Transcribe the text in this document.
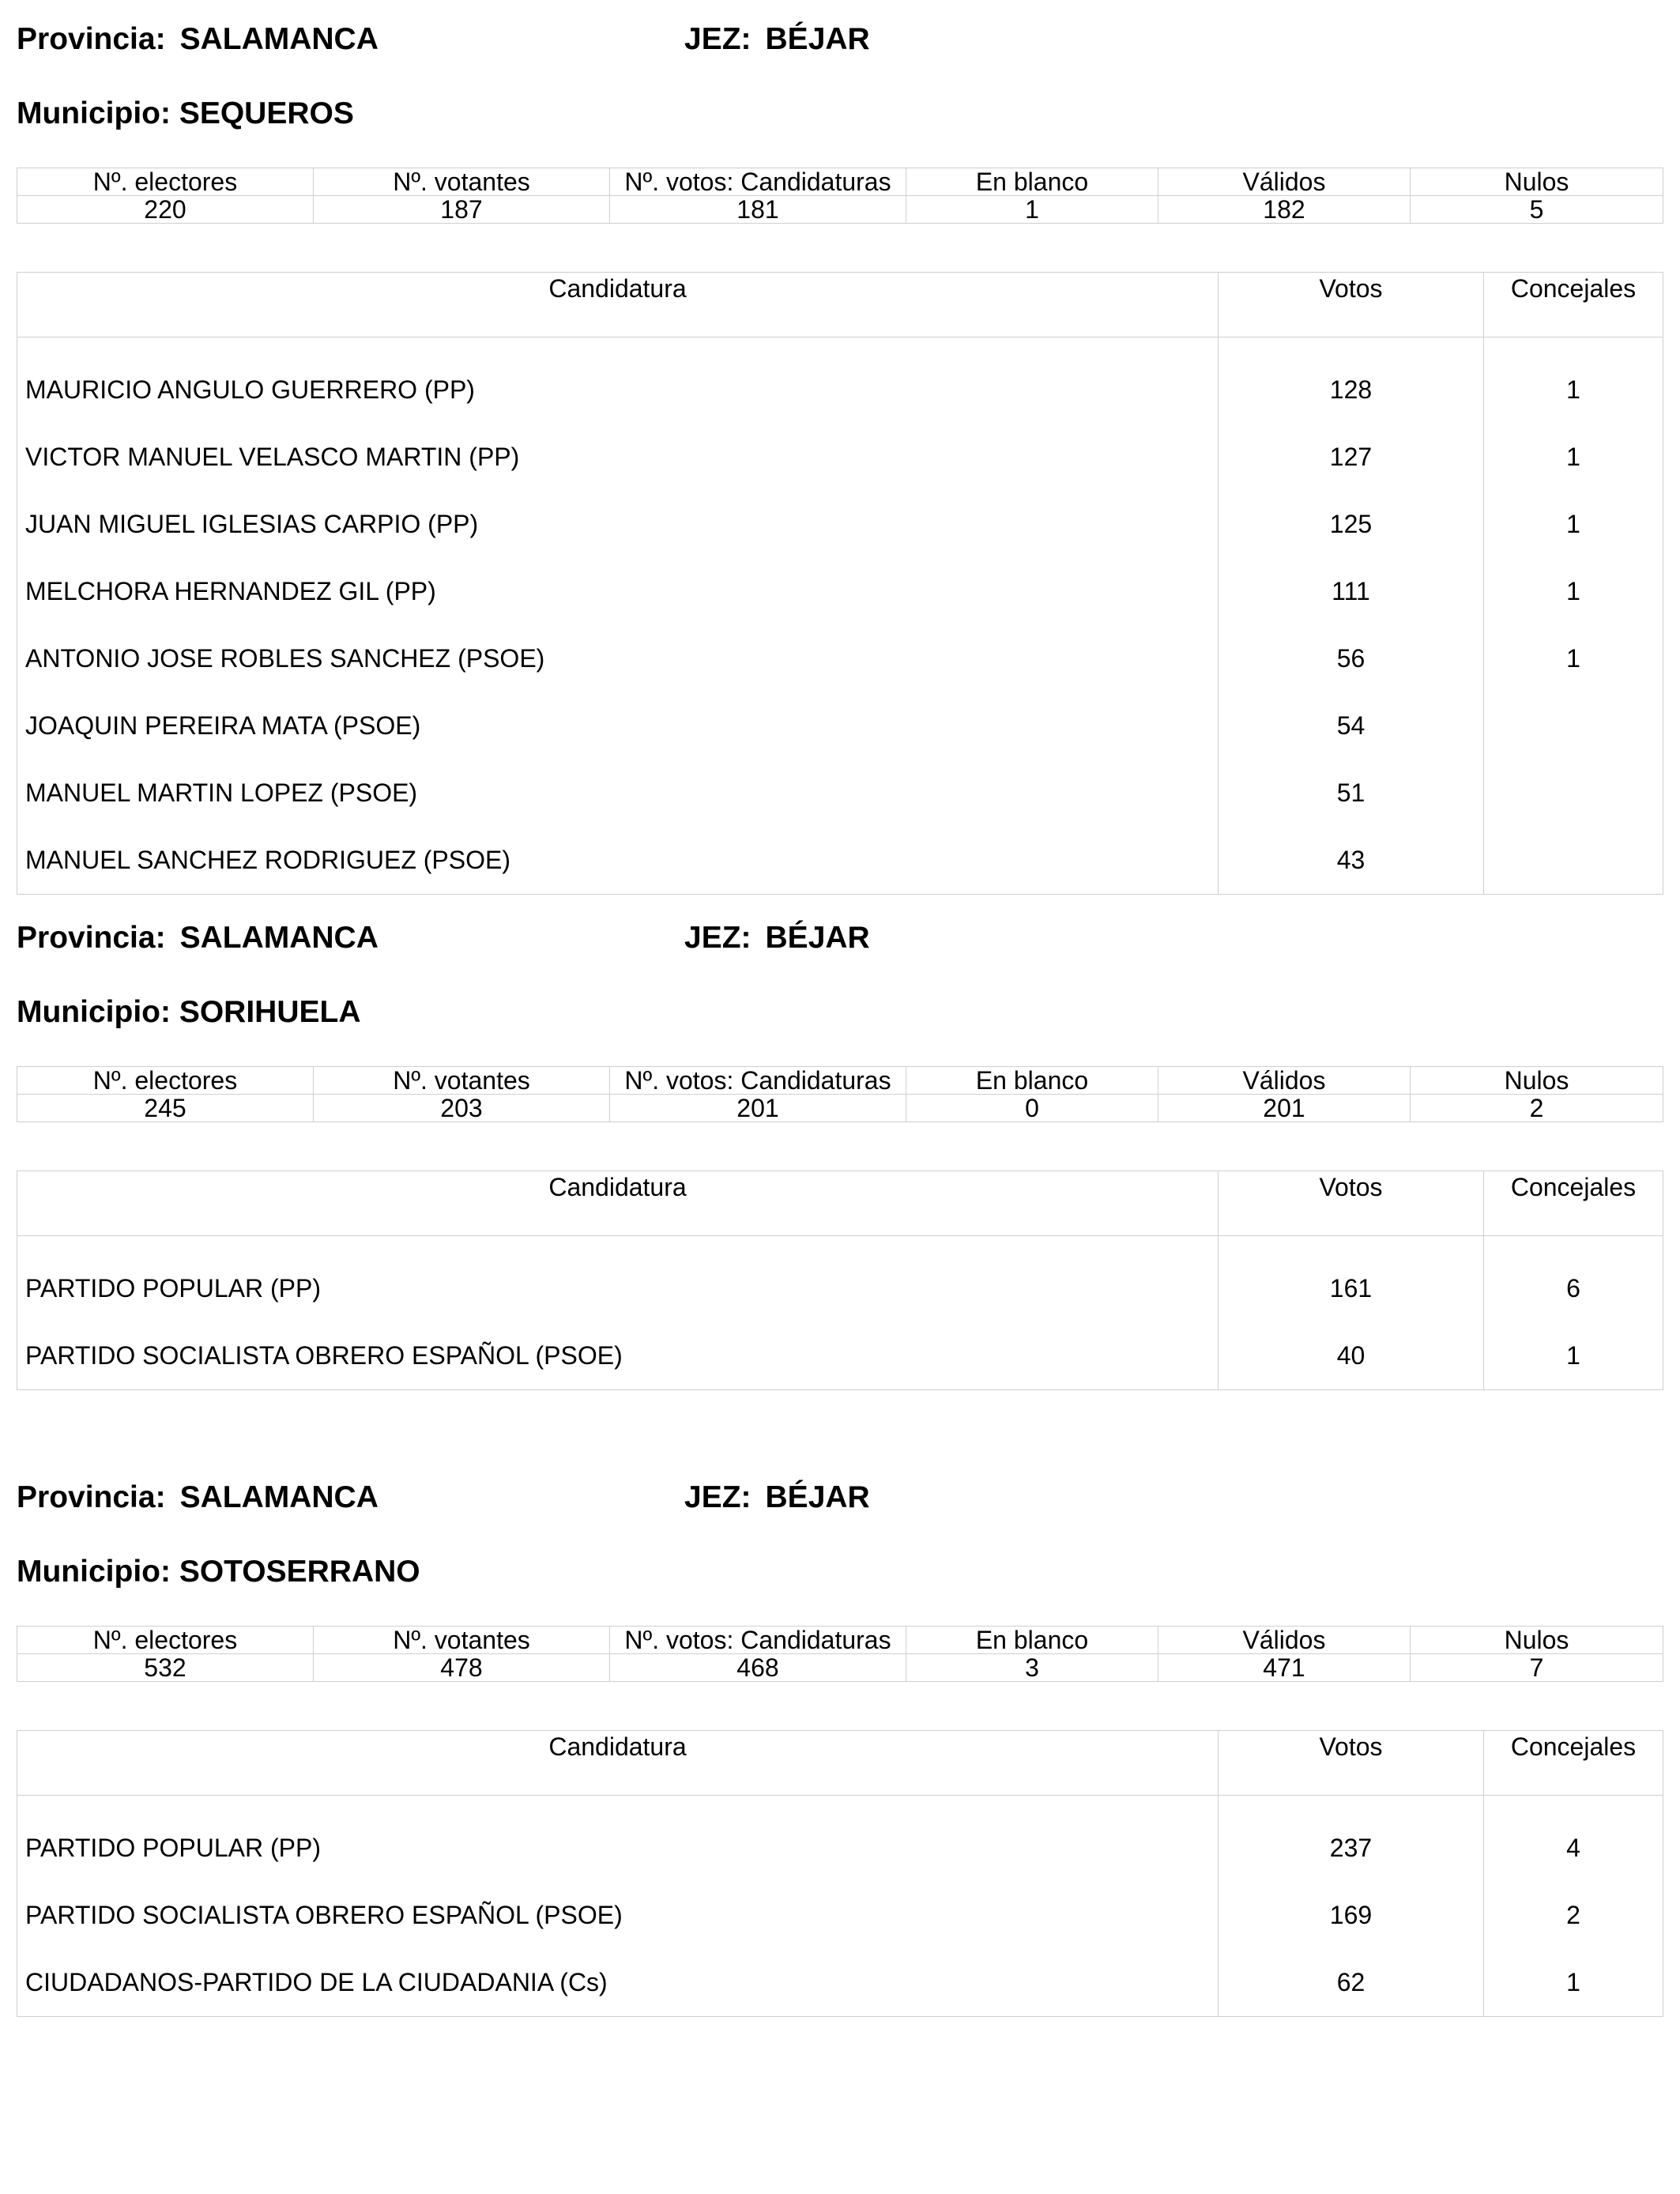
Provincia: SALAMANCA	JEZ: BÉJAR
Municipio: SEQUEROS
Nº. electores	Nº. votantes	Nº. votos: Candidaturas	En blanco	Válidos	Nulos
220	187	181	1	182	5
Candidatura	Votos	Concejales
MAURICIO ANGULO GUERRERO (PP)	128	1
VICTOR MANUEL VELASCO MARTIN (PP)	127	1
JUAN MIGUEL IGLESIAS CARPIO (PP)	125	1
MELCHORA HERNANDEZ GIL (PP)	111	1
ANTONIO JOSE ROBLES SANCHEZ (PSOE)	56	1
JOAQUIN PEREIRA MATA (PSOE)	54	
MANUEL MARTIN LOPEZ (PSOE)	51	
MANUEL SANCHEZ RODRIGUEZ (PSOE)	43	
Provincia: SALAMANCA	JEZ: BÉJAR
Municipio: SORIHUELA
Nº. electores	Nº. votantes	Nº. votos: Candidaturas	En blanco	Válidos	Nulos
245	203	201	0	201	2
Candidatura	Votos	Concejales
PARTIDO POPULAR (PP)	161	6
PARTIDO SOCIALISTA OBRERO ESPAÑOL (PSOE)	40	1
Provincia: SALAMANCA	JEZ: BÉJAR
Municipio: SOTOSERRANO
Nº. electores	Nº. votantes	Nº. votos: Candidaturas	En blanco	Válidos	Nulos
532	478	468	3	471	7
Candidatura	Votos	Concejales
PARTIDO POPULAR (PP)	237	4
PARTIDO SOCIALISTA OBRERO ESPAÑOL (PSOE)	169	2
CIUDADANOS-PARTIDO DE LA CIUDADANIA (Cs)	62	1
